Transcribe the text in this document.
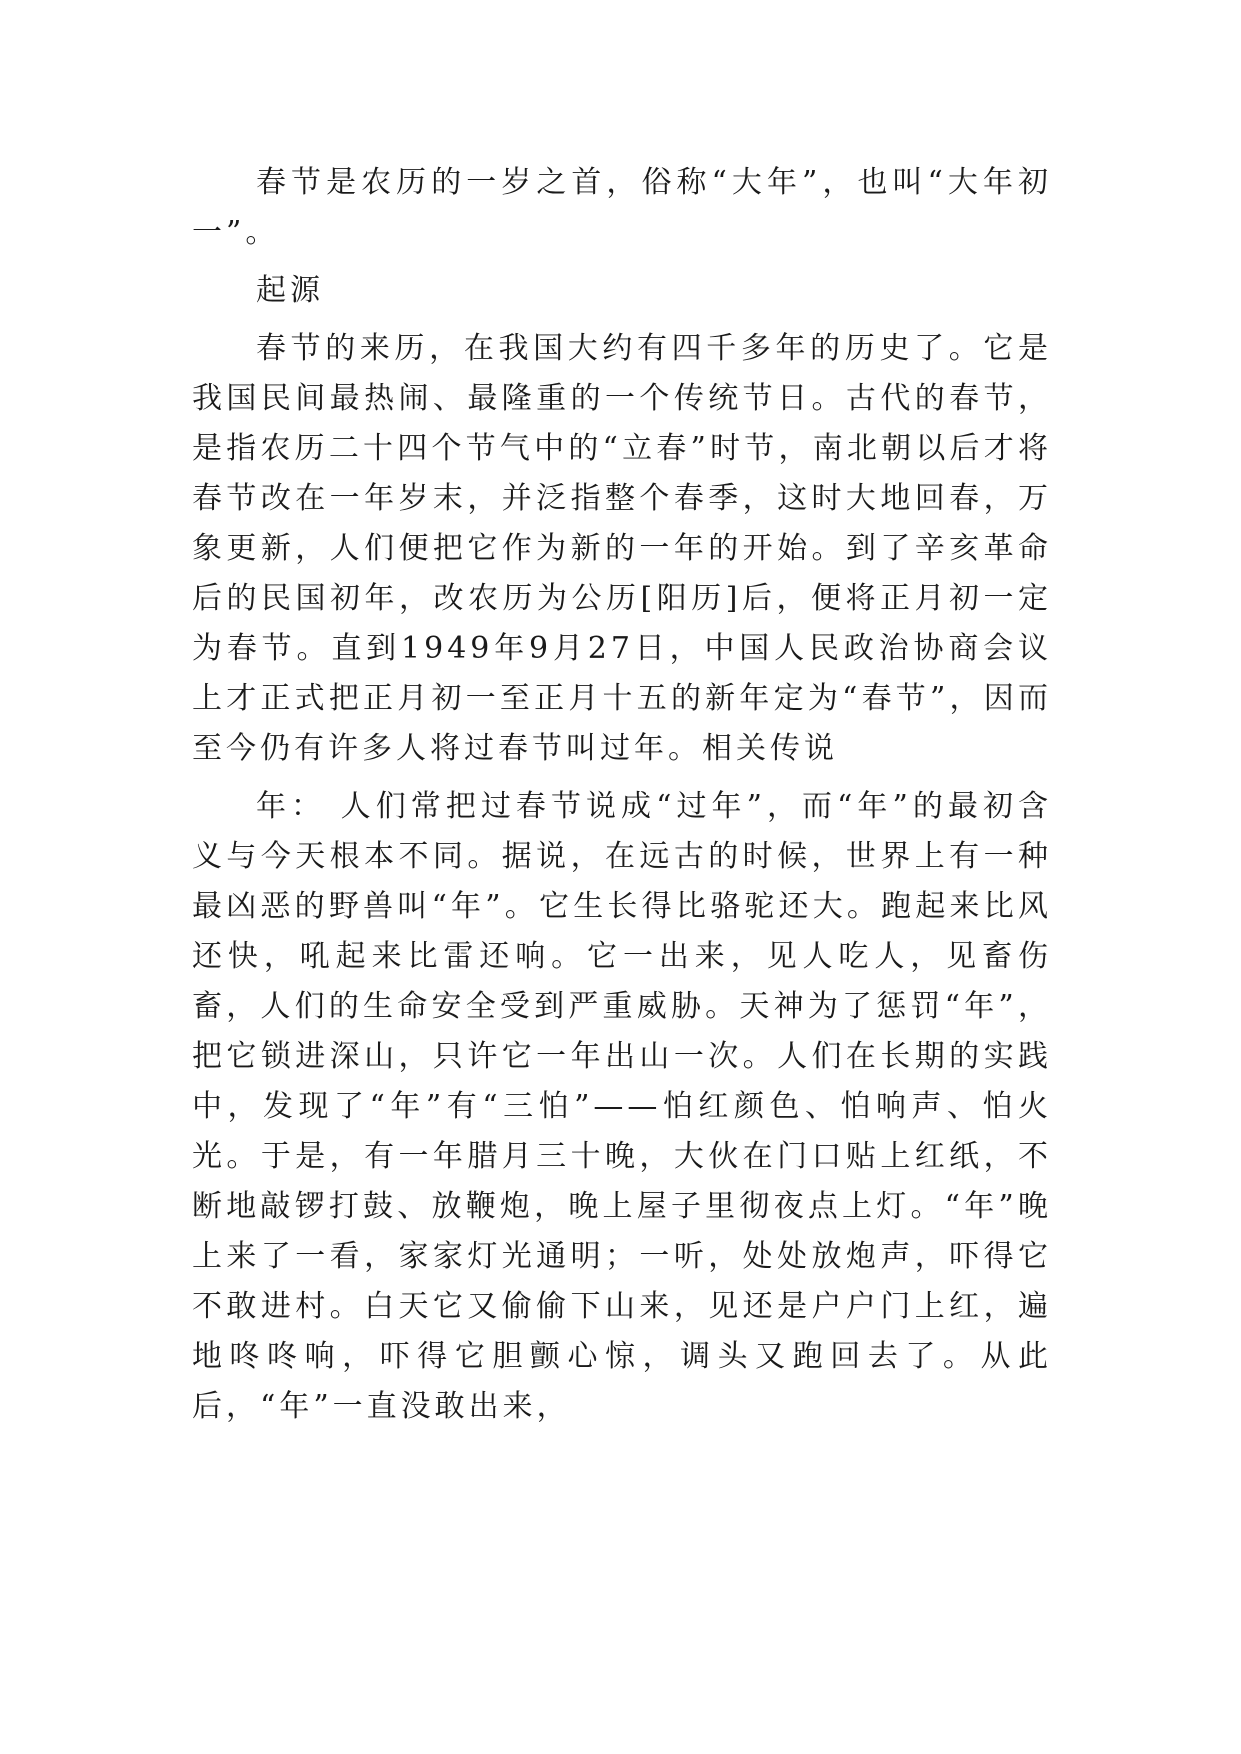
春节是农历的一岁之首，俗称“大年”，也叫“大年初一”。

起源

春节的来历，在我国大约有四千多年的历史了。它是我国民间最热闹、最隆重的一个传统节日。古代的春节，是指农历二十四个节气中的“立春”时节，南北朝以后才将春节改在一年岁末，并泛指整个春季，这时大地回春，万象更新，人们便把它作为新的一年的开始。到了辛亥革命后的民国初年，改农历为公历[阳历]后，便将正月初一定为春节。直到1949年9月27日，中国人民政治协商会议上才正式把正月初一至正月十五的新年定为“春节”，因而至今仍有许多人将过春节叫过年。相关传说

年： 人们常把过春节说成“过年”，而“年”的最初含义与今天根本不同。据说，在远古的时候，世界上有一种最凶恶的野兽叫“年”。它生长得比骆驼还大。跑起来比风还快，吼起来比雷还响。它一出来，见人吃人，见畜伤畜，人们的生命安全受到严重威胁。天神为了惩罚“年”，把它锁进深山，只许它一年出山一次。人们在长期的实践中，发现了“年”有“三怕”——怕红颜色、怕响声、怕火光。于是，有一年腊月三十晚，大伙在门口贴上红纸，不断地敲锣打鼓、放鞭炮，晚上屋子里彻夜点上灯。“年”晚上来了一看，家家灯光通明；一听，处处放炮声，吓得它不敢进村。白天它又偷偷下山来，见还是户户门上红，遍地咚咚响，吓得它胆颤心惊，调头又跑回去了。从此后，“年”一直没敢出来，
